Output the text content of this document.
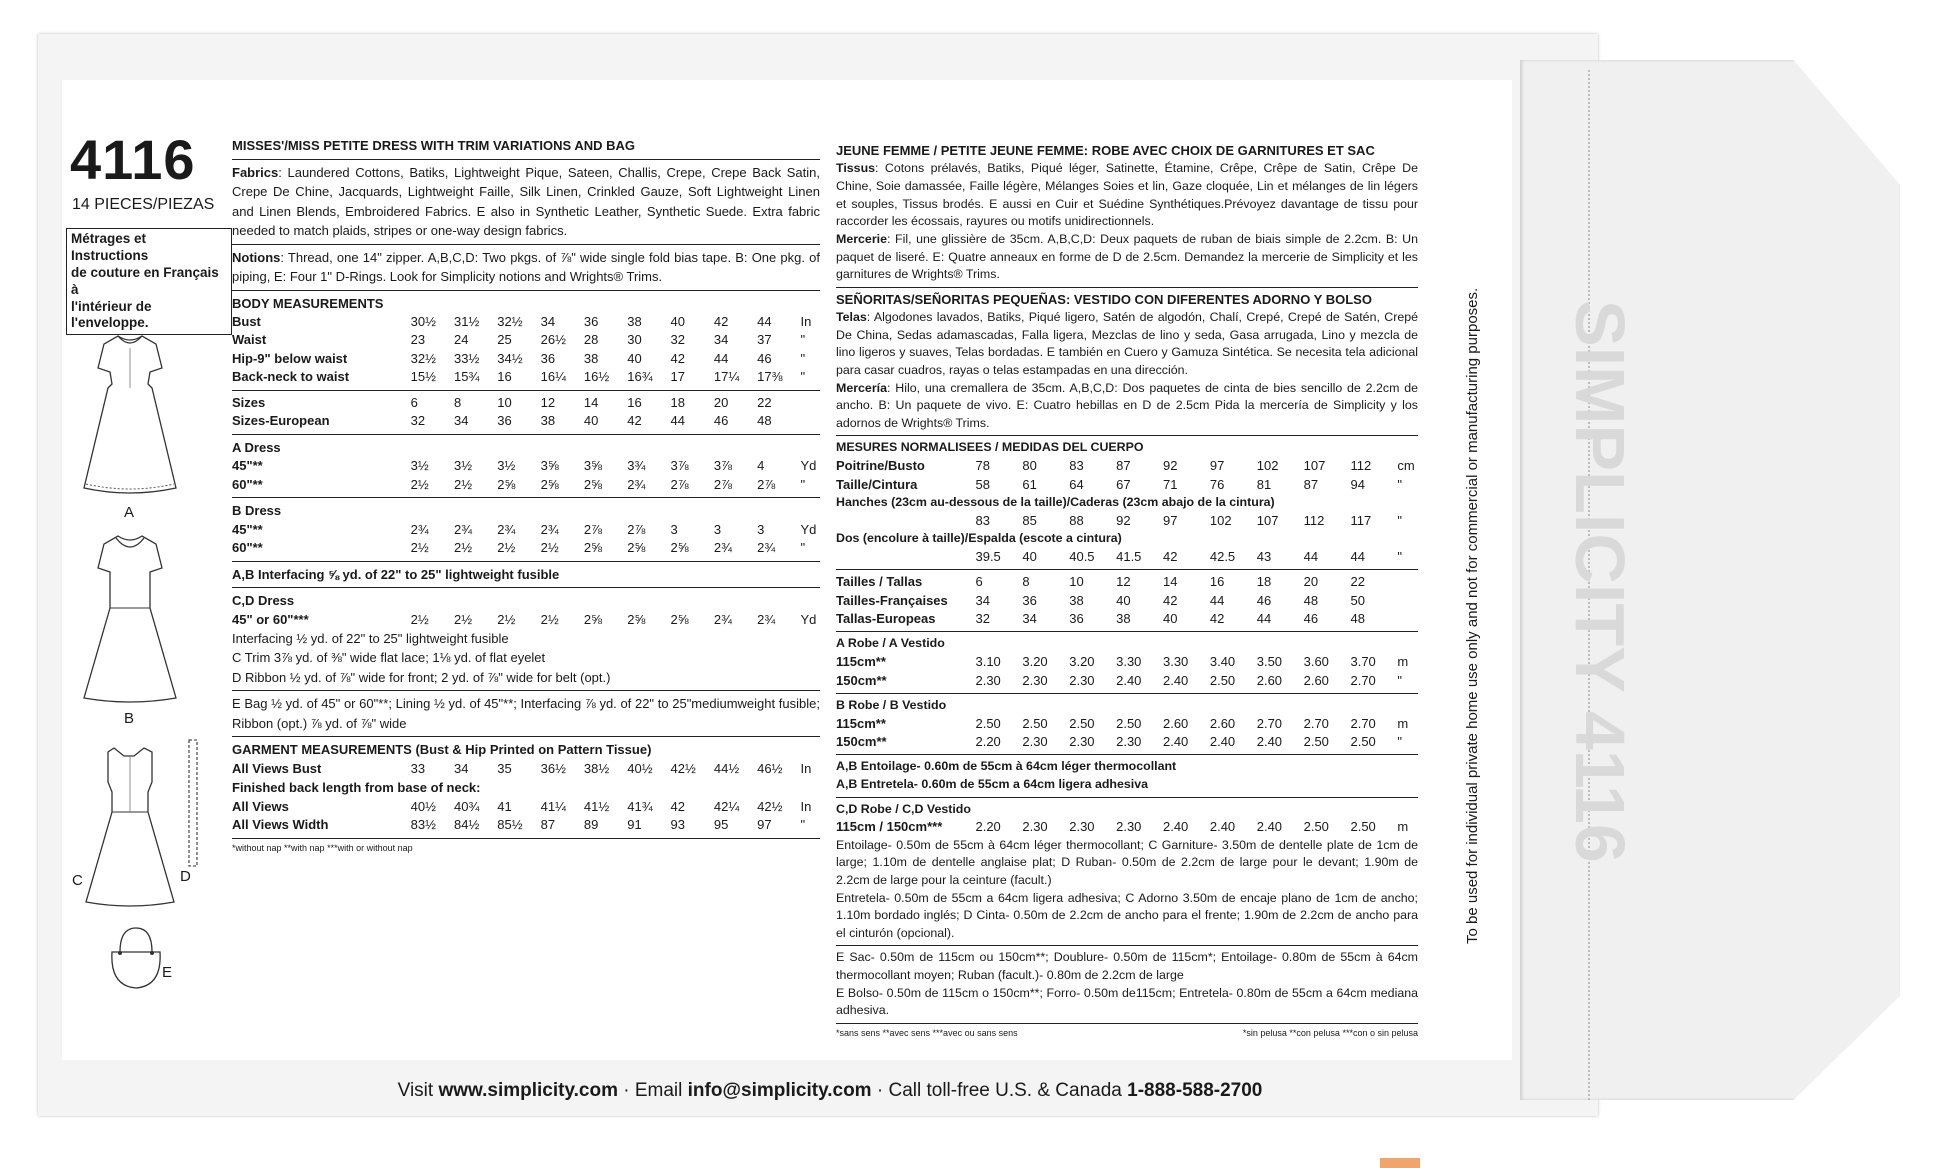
SIMPLICITY 4116
4116
14 PIECES/PIEZAS
Métrages et Instructions
de couture en Français à
l'intérieur de
l'enveloppe.
A
B
C	D
E
MISSES'/MISS PETITE DRESS WITH TRIM VARIATIONS AND BAG
Fabrics: Laundered Cottons, Batiks, Lightweight Pique, Sateen, Challis, Crepe, Crepe Back Satin, Crepe De Chine, Jacquards, Lightweight Faille, Silk Linen, Crinkled Gauze, Soft Lightweight Linen and Linen Blends, Embroidered Fabrics. E also in Synthetic Leather, Synthetic Suede. Extra fabric needed to match plaids, stripes or one-way design fabrics.
Notions: Thread, one 14" zipper. A,B,C,D: Two pkgs. of ⅞" wide single fold bias tape. B: One pkg. of piping, E: Four 1" D-Rings. Look for Simplicity notions and Wrights® Trims.
BODY MEASUREMENTS
Bust	30½	31½	32½	34	36	38	40	42	44	In
Waist	23	24	25	26½	28	30	32	34	37	"
Hip-9" below waist	32½	33½	34½	36	38	40	42	44	46	"
Back-neck to waist	15½	15¾	16	16¼	16½	16¾	17	17¼	17⅜	"
Sizes	6	8	10	12	14	16	18	20	22	
Sizes-European	32	34	36	38	40	42	44	46	48	
A Dress
45"**	3½	3½	3½	3⅝	3⅝	3¾	3⅞	3⅞	4	Yd
60"**	2½	2½	2⅝	2⅝	2⅝	2¾	2⅞	2⅞	2⅞	"
B Dress
45"**	2¾	2¾	2¾	2¾	2⅞	2⅞	3	3	3	Yd
60"**	2½	2½	2½	2½	2⅝	2⅝	2⅝	2¾	2¾	"
A,B Interfacing ⅝ yd. of 22" to 25" lightweight fusible
C,D Dress
45" or 60"***	2½	2½	2½	2½	2⅝	2⅝	2⅝	2¾	2¾	Yd
Interfacing ½ yd. of 22" to 25" lightweight fusible
C Trim 3⅞ yd. of ⅜" wide flat lace; 1⅛ yd. of flat eyelet
D Ribbon ½ yd. of ⅞" wide for front; 2 yd. of ⅞" wide for belt (opt.)
E Bag ½ yd. of 45" or 60"**; Lining ½ yd. of 45"**; Interfacing ⅞ yd. of 22" to 25"mediumweight fusible; Ribbon (opt.) ⅞ yd. of ⅞" wide
GARMENT MEASUREMENTS (Bust & Hip Printed on Pattern Tissue)
All Views Bust	33	34	35	36½	38½	40½	42½	44½	46½	In
Finished back length from base of neck:
All Views	40½	40¾	41	41¼	41½	41¾	42	42¼	42½	In
All Views Width	83½	84½	85½	87	89	91	93	95	97	"
*without nap **with nap ***with or without nap
JEUNE FEMME / PETITE JEUNE FEMME: ROBE AVEC CHOIX DE GARNITURES ET SAC
Tissus: Cotons prélavés, Batiks, Piqué léger, Satinette, Étamine, Crêpe, Crêpe de Satin, Crêpe De Chine, Soie damassée, Faille légère, Mélanges Soies et lin, Gaze cloquée, Lin et mélanges de lin légers et souples, Tissus brodés. E aussi en Cuir et Suédine Synthétiques.Prévoyez davantage de tissu pour raccorder les écossais, rayures ou motifs unidirectionnels.
Mercerie: Fil, une glissière de 35cm. A,B,C,D: Deux paquets de ruban de biais simple de 2.2cm. B: Un paquet de liseré. E: Quatre anneaux en forme de D de 2.5cm. Demandez la mercerie de Simplicity et les garnitures de Wrights® Trims.
SEÑORITAS/SEÑORITAS PEQUEÑAS: VESTIDO CON DIFERENTES ADORNO Y BOLSO
Telas: Algodones lavados, Batiks, Piqué ligero, Satén de algodón, Chalí, Crepé, Crepé de Satén, Crepé De China, Sedas adamascadas, Falla ligera, Mezclas de lino y seda, Gasa arrugada, Lino y mezcla de lino ligeros y suaves, Telas bordadas. E también en Cuero y Gamuza Sintética. Se necesita tela adicional para casar cuadros, rayas o telas estampadas en una dirección.
Mercería: Hilo, una cremallera de 35cm. A,B,C,D: Dos paquetes de cinta de bies sencillo de 2.2cm de ancho. B: Un paquete de vivo. E: Cuatro hebillas en D de 2.5cm Pida la mercería de Simplicity y los adornos de Wrights® Trims.
MESURES NORMALISEES / MEDIDAS DEL CUERPO
Poitrine/Busto	78	80	83	87	92	97	102	107	112	cm
Taille/Cintura	58	61	64	67	71	76	81	87	94	"
Hanches (23cm au-dessous de la taille)/Caderas (23cm abajo de la cintura)
	83	85	88	92	97	102	107	112	117	"
Dos (encolure à taille)/Espalda (escote a cintura)
	39.5	40	40.5	41.5	42	42.5	43	44	44	"
Tailles / Tallas	6	8	10	12	14	16	18	20	22	
Tailles-Françaises	34	36	38	40	42	44	46	48	50	
Tallas-Europeas	32	34	36	38	40	42	44	46	48	
A Robe / A Vestido
115cm**	3.10	3.20	3.20	3.30	3.30	3.40	3.50	3.60	3.70	m
150cm**	2.30	2.30	2.30	2.40	2.40	2.50	2.60	2.60	2.70	"
B Robe / B Vestido
115cm**	2.50	2.50	2.50	2.50	2.60	2.60	2.70	2.70	2.70	m
150cm**	2.20	2.30	2.30	2.30	2.40	2.40	2.40	2.50	2.50	"
A,B Entoilage- 0.60m de 55cm à 64cm léger thermocollant
A,B Entretela- 0.60m de 55cm a 64cm ligera adhesiva
C,D Robe / C,D Vestido
115cm / 150cm***	2.20	2.30	2.30	2.30	2.40	2.40	2.40	2.50	2.50	m
Entoilage- 0.50m de 55cm à 64cm léger thermocollant; C Garniture- 3.50m de dentelle plate de 1cm de large; 1.10m de dentelle anglaise plat; D Ruban- 0.50m de 2.2cm de large pour le devant; 1.90m de 2.2cm de large pour la ceinture (facult.)
Entretela- 0.50m de 55cm a 64cm ligera adhesiva; C Adorno 3.50m de encaje plano de 1cm de ancho; 1.10m bordado inglés; D Cinta- 0.50m de 2.2cm de ancho para el frente; 1.90m de 2.2cm de ancho para el cinturón (opcional).
E Sac- 0.50m de 115cm ou 150cm**; Doublure- 0.50m de 115cm*; Entoilage- 0.80m de 55cm à 64cm thermocollant moyen; Ruban (facult.)- 0.80m de 2.2cm de large
E Bolso- 0.50m de 115cm o 150cm**; Forro- 0.50m de115cm; Entretela- 0.80m de 55cm a 64cm mediana adhesiva.
*sans sens **avec sens ***avec ou sans sens	*sin pelusa **con pelusa ***con o sin pelusa
To be used for individual private home use only and not for commercial or manufacturing purposes.
Visit www.simplicity.com · Email info@simplicity.com · Call toll-free U.S. & Canada 1-888-588-2700
